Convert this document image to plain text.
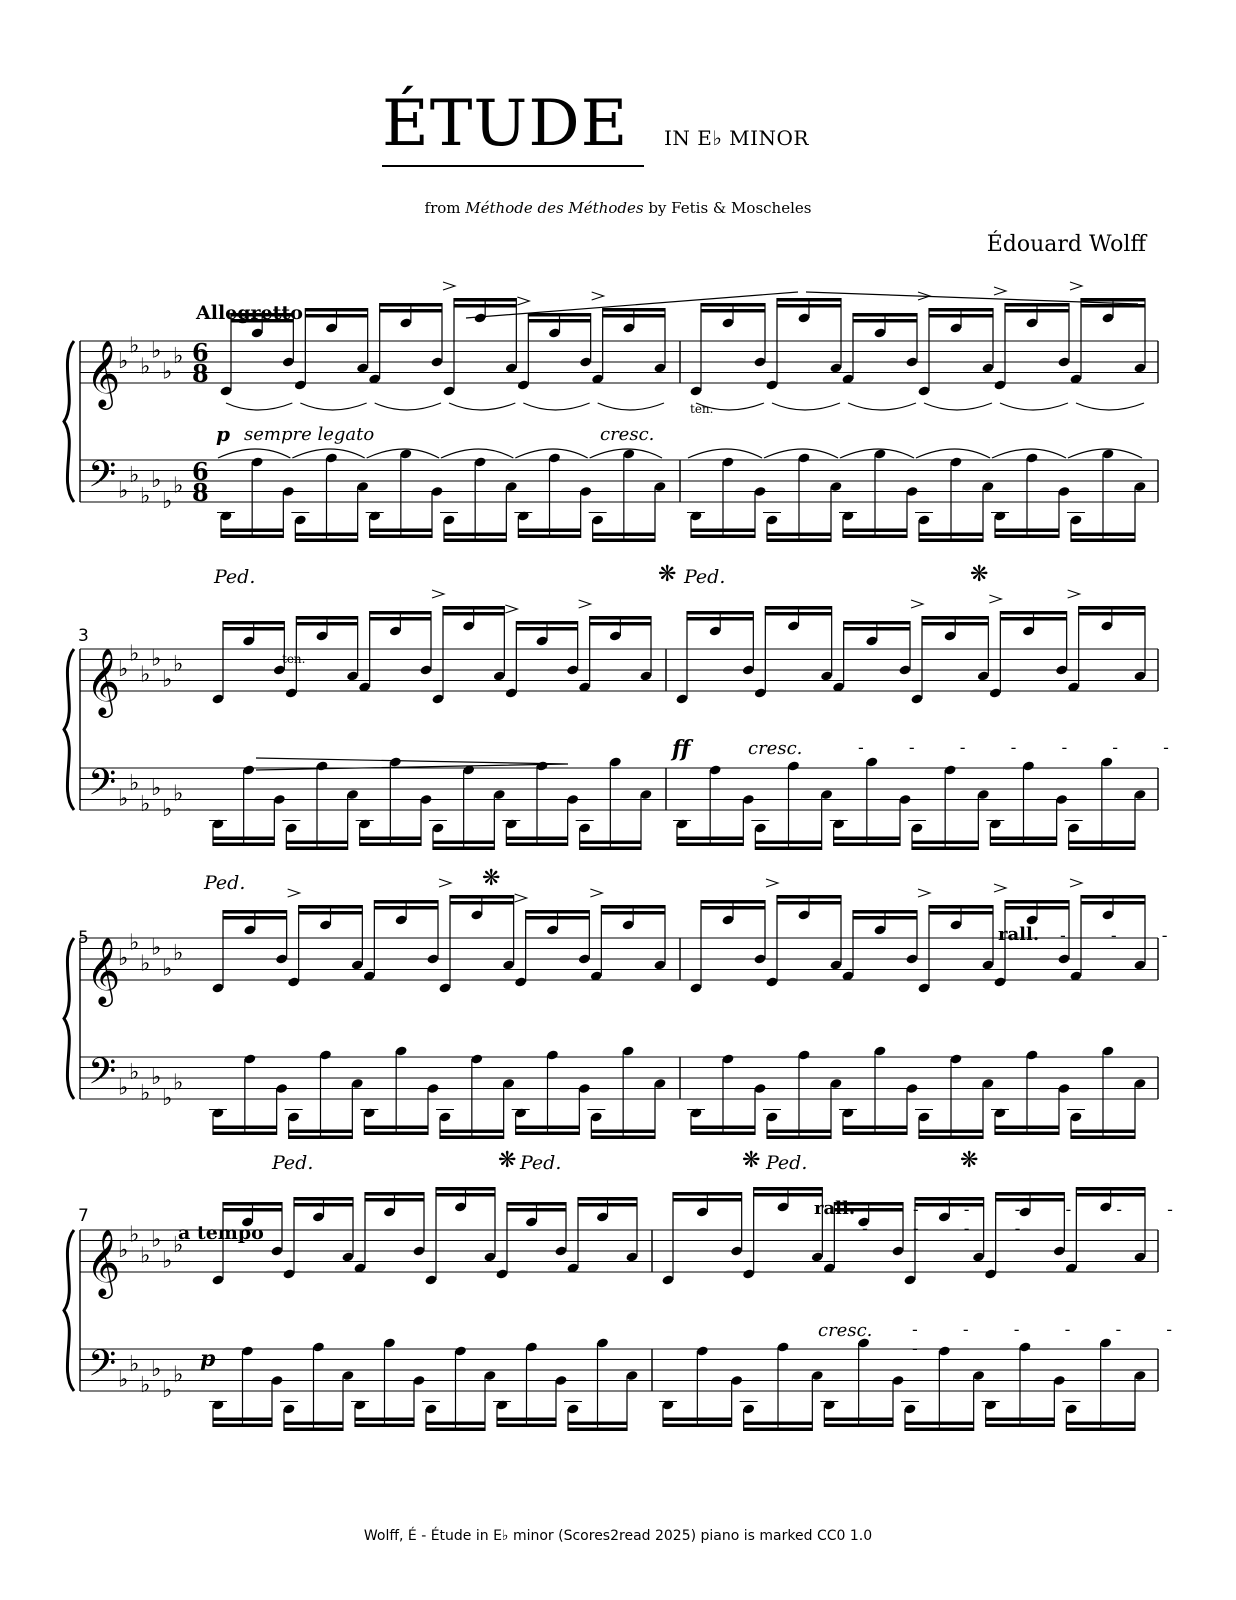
ÉTUDE IN E♭ MINOR
from Méthode des Méthodes by Fetis & Moscheles
Édouard Wolff
𝄞
𝄢
♭
♭
♭
♭
♭
♭
♭
♭
♭
♭
♭
♭
6
8
6
8
𝄞
𝄢
♭
♭
♭
♭
♭
♭
♭
♭
♭
♭
♭
♭
𝄞
𝄢
♭
♭
♭
♭
♭
♭
♭
♭
♭
♭
♭
♭
𝄞
𝄢
♭
♭
♭
♭
♭
♭
♭
♭
♭
♭
♭
♭
Allegretto
p sempre legato	cresc.
ten.
Ped.	❋ Ped.	❋
3
ten.
ff	cresc.	- - - - - - -
Ped.	❋
5	rall. - - -
Ped.	❋ Ped.	❋ Ped.	❋
7
a tempo
rall. - - - - - - - - - - -
p
cresc. - - - - - - -
Wolff, É - Étude in E♭ minor (Scores2read 2025) piano is marked CC0 1.0
